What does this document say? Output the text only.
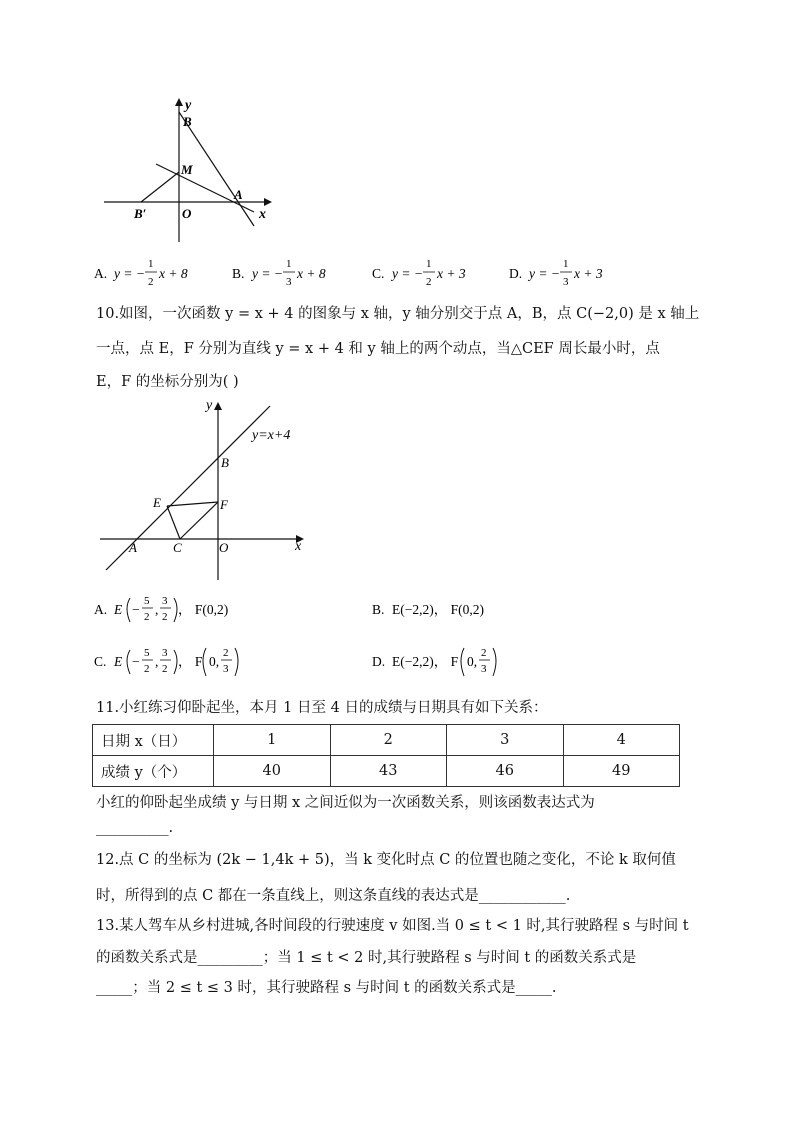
y
B
M
B′	O
A
x
A. y = −
1
2
x + 8	B. y = −
1
3
x + 8	C. y = −
1
2
x + 3	D. y = −
1
3
x + 3
10.如图，一次函数 y = x + 4 的图象与 x 轴，y 轴分别交于点 A，B，点 C(−2,0) 是 x 轴上
一点，点 E，F 分别为直线 y = x + 4 和 y 轴上的两个动点，当△CEF 周长最小时，点
E，F 的坐标分别为( )
y
y=x+4
B
E	F
A	C	O	x
A. E −
5
2 ,
3
2 ， F(0,2)	B. E(−2,2)， F(0,2)
C. E −
5
2 ,
3
2 ， F 0,
2
3	D. E(−2,2)， F 0,
2
3
11.小红练习仰卧起坐，本月 1 日至 4 日的成绩与日期具有如下关系：
日期 x（日）	1	2	3	4
成绩 y（个）	40	43	46	49
小红的仰卧起坐成绩 y 与日期 x 之间近似为一次函数关系，则该函数表达式为
__________.
12.点 C 的坐标为 (2k − 1,4k + 5)，当 k 变化时点 C 的位置也随之变化，不论 k 取何值
时，所得到的点 C 都在一条直线上，则这条直线的表达式是____________.
13.某人驾车从乡村进城,各时间段的行驶速度 v 如图.当 0 ≤ t < 1 时,其行驶路程 s 与时间 t
的函数关系式是_________；当 1 ≤ t < 2 时,其行驶路程 s 与时间 t 的函数关系式是
_____；当 2 ≤ t ≤ 3 时，其行驶路程 s 与时间 t 的函数关系式是_____.
